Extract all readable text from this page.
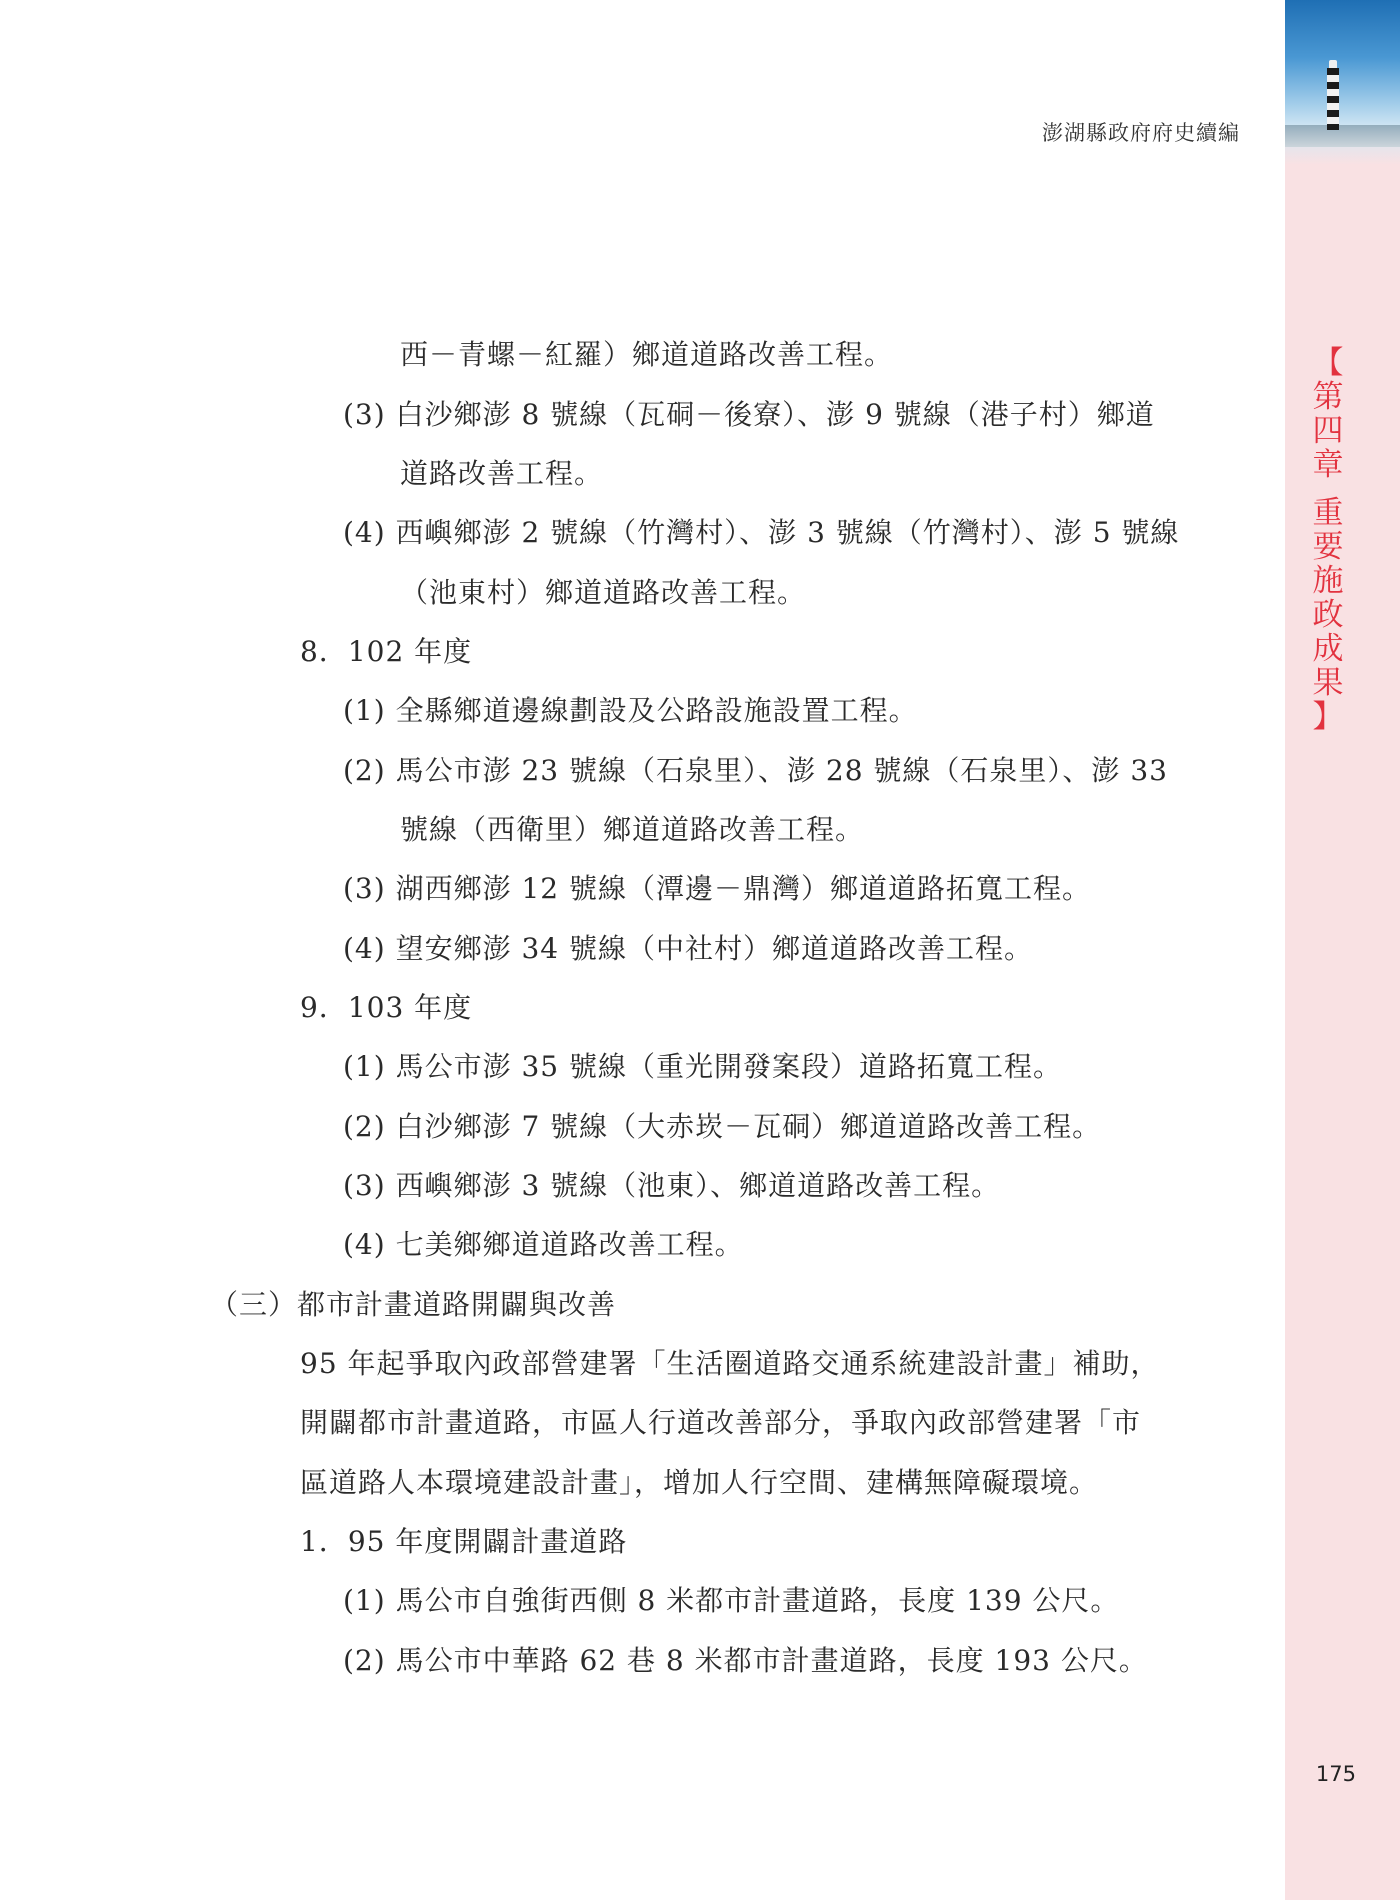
澎湖縣政府府史續編
【
第
四
章
重
要
施
政
成
果
】
西－青螺－紅羅）鄉道道路改善工程。
(3) 白沙鄉澎 8 號線（瓦硐－後寮）、澎 9 號線（港子村）鄉道
道路改善工程。
(4) 西嶼鄉澎 2 號線（竹灣村）、澎 3 號線（竹灣村）、澎 5 號線
（池東村）鄉道道路改善工程。
8．102 年度
(1) 全縣鄉道邊線劃設及公路設施設置工程。
(2) 馬公市澎 23 號線（石泉里）、澎 28 號線（石泉里）、澎 33
號線（西衛里）鄉道道路改善工程。
(3) 湖西鄉澎 12 號線（潭邊－鼎灣）鄉道道路拓寬工程。
(4) 望安鄉澎 34 號線（中社村）鄉道道路改善工程。
9．103 年度
(1) 馬公市澎 35 號線（重光開發案段）道路拓寬工程。
(2) 白沙鄉澎 7 號線（大赤崁－瓦硐）鄉道道路改善工程。
(3) 西嶼鄉澎 3 號線（池東）、鄉道道路改善工程。
(4) 七美鄉鄉道道路改善工程。
（三）都市計畫道路開闢與改善
95 年起爭取內政部營建署「生活圈道路交通系統建設計畫」補助，
開闢都市計畫道路，市區人行道改善部分，爭取內政部營建署「市
區道路人本環境建設計畫」，增加人行空間、建構無障礙環境。
1．95 年度開闢計畫道路
(1) 馬公市自強街西側 8 米都市計畫道路，長度 139 公尺。
(2) 馬公市中華路 62 巷 8 米都市計畫道路，長度 193 公尺。
175
